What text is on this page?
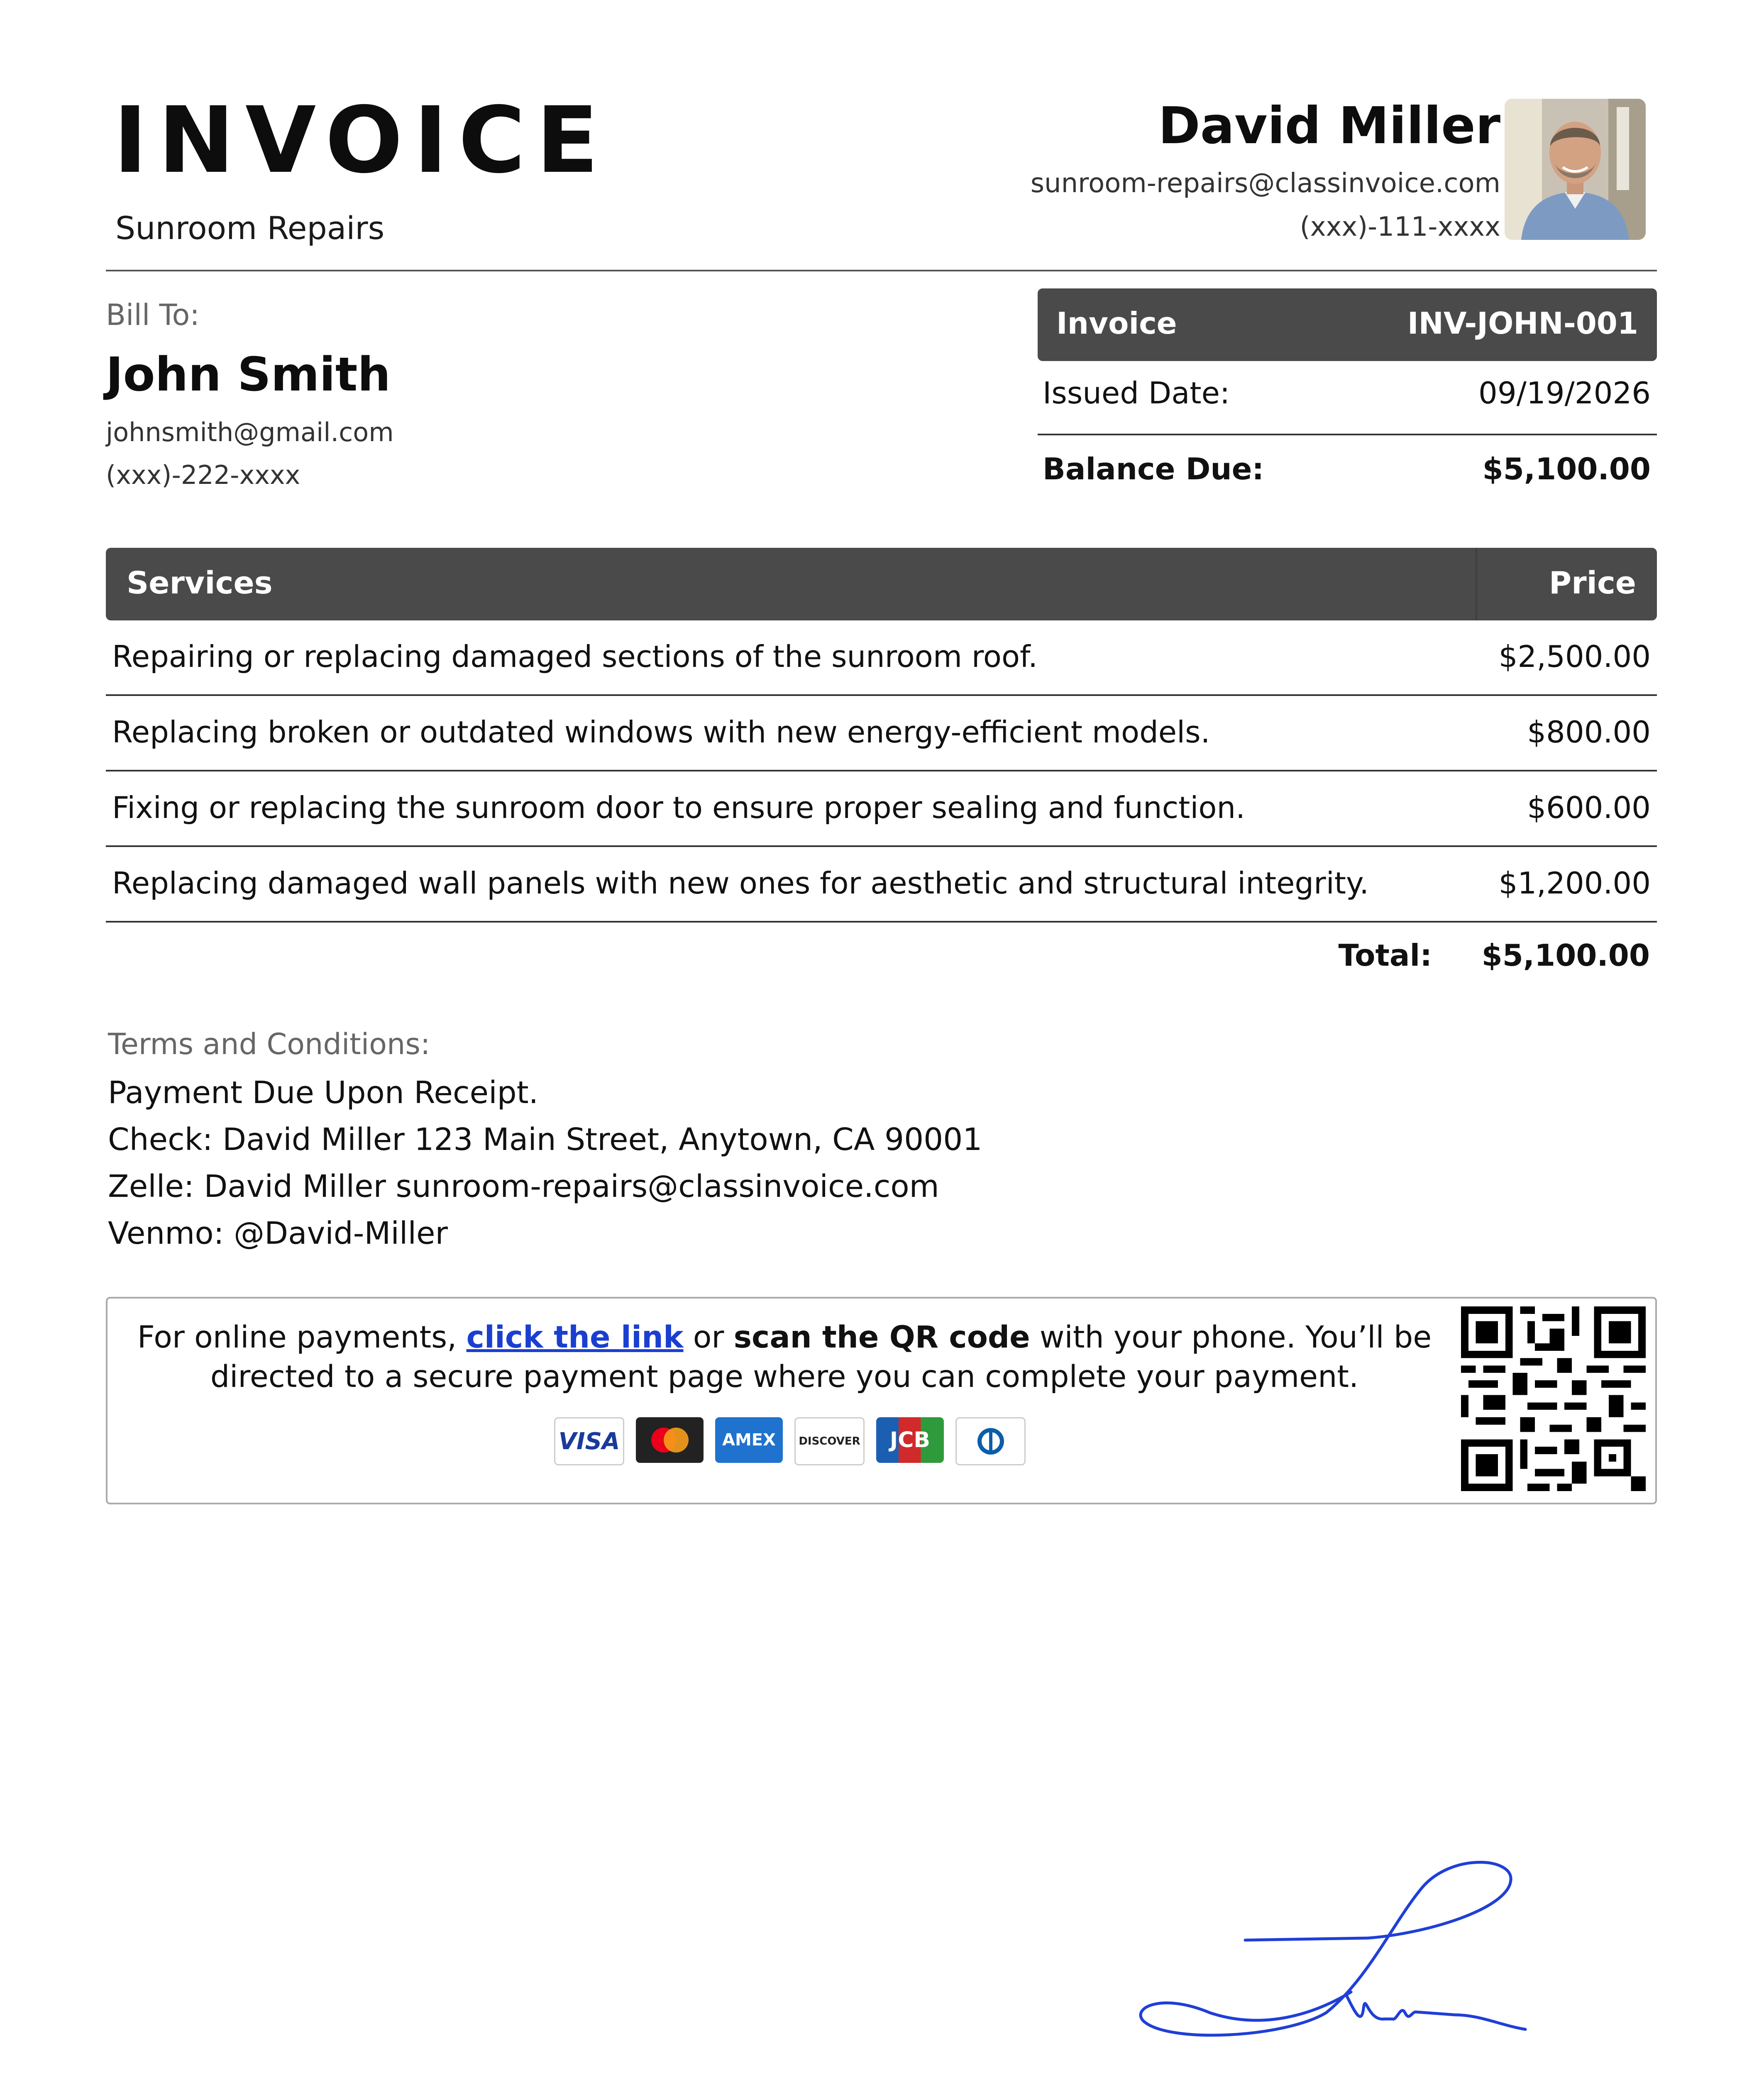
INVOICE
Sunroom Repairs
David Miller
sunroom-repairs@classinvoice.com
(xxx)-111-xxxx
Bill To:
John Smith
johnsmith@gmail.com
(xxx)-222-xxxx
Invoice	INV-JOHN-001
Issued Date:	09/19/2026
Balance Due:	$5,100.00
Services	Price
Repairing or replacing damaged sections of the sunroom roof.	$2,500.00
Replacing broken or outdated windows with new energy-efficient models.	$800.00
Fixing or replacing the sunroom door to ensure proper sealing and function.	$600.00
Replacing damaged wall panels with new ones for aesthetic and structural integrity.	$1,200.00
Total: $5,100.00
Terms and Conditions:
Payment Due Upon Receipt.
Check: David Miller 123 Main Street, Anytown, CA 90001
Zelle: David Miller sunroom-repairs@classinvoice.com
Venmo: @David-Miller
For online payments, click the link or scan the QR code with your phone. You’ll be directed to a secure payment page where you can complete your payment.
VISA	AMEX	DISCOVER	JCB
